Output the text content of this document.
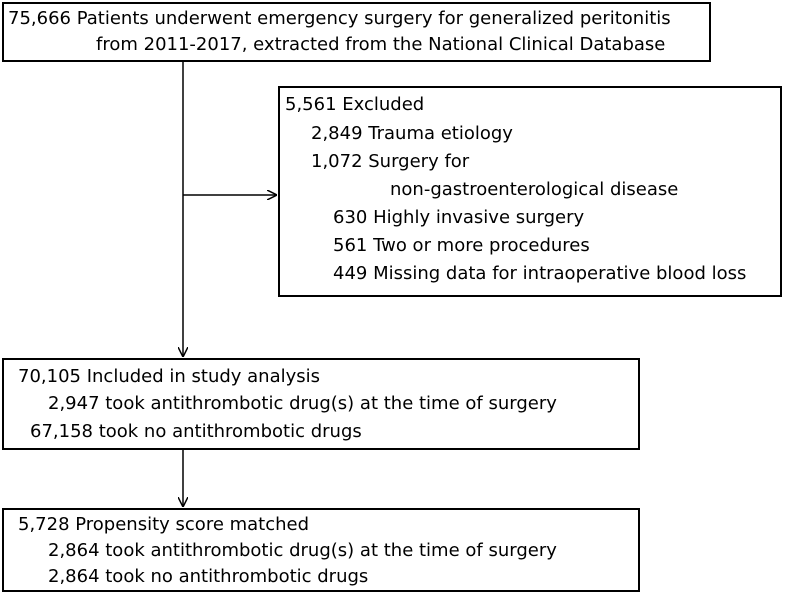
75,666 Patients underwent emergency surgery for generalized peritonitis
from 2011-2017, extracted from the National Clinical Database
5,561 Excluded
2,849 Trauma etiology
1,072 Surgery for
non-gastroenterological disease
630 Highly invasive surgery
561 Two or more procedures
449 Missing data for intraoperative blood loss
70,105 Included in study analysis
2,947 took antithrombotic drug(s) at the time of surgery
67,158 took no antithrombotic drugs
5,728 Propensity score matched
2,864 took antithrombotic drug(s) at the time of surgery
2,864 took no antithrombotic drugs
